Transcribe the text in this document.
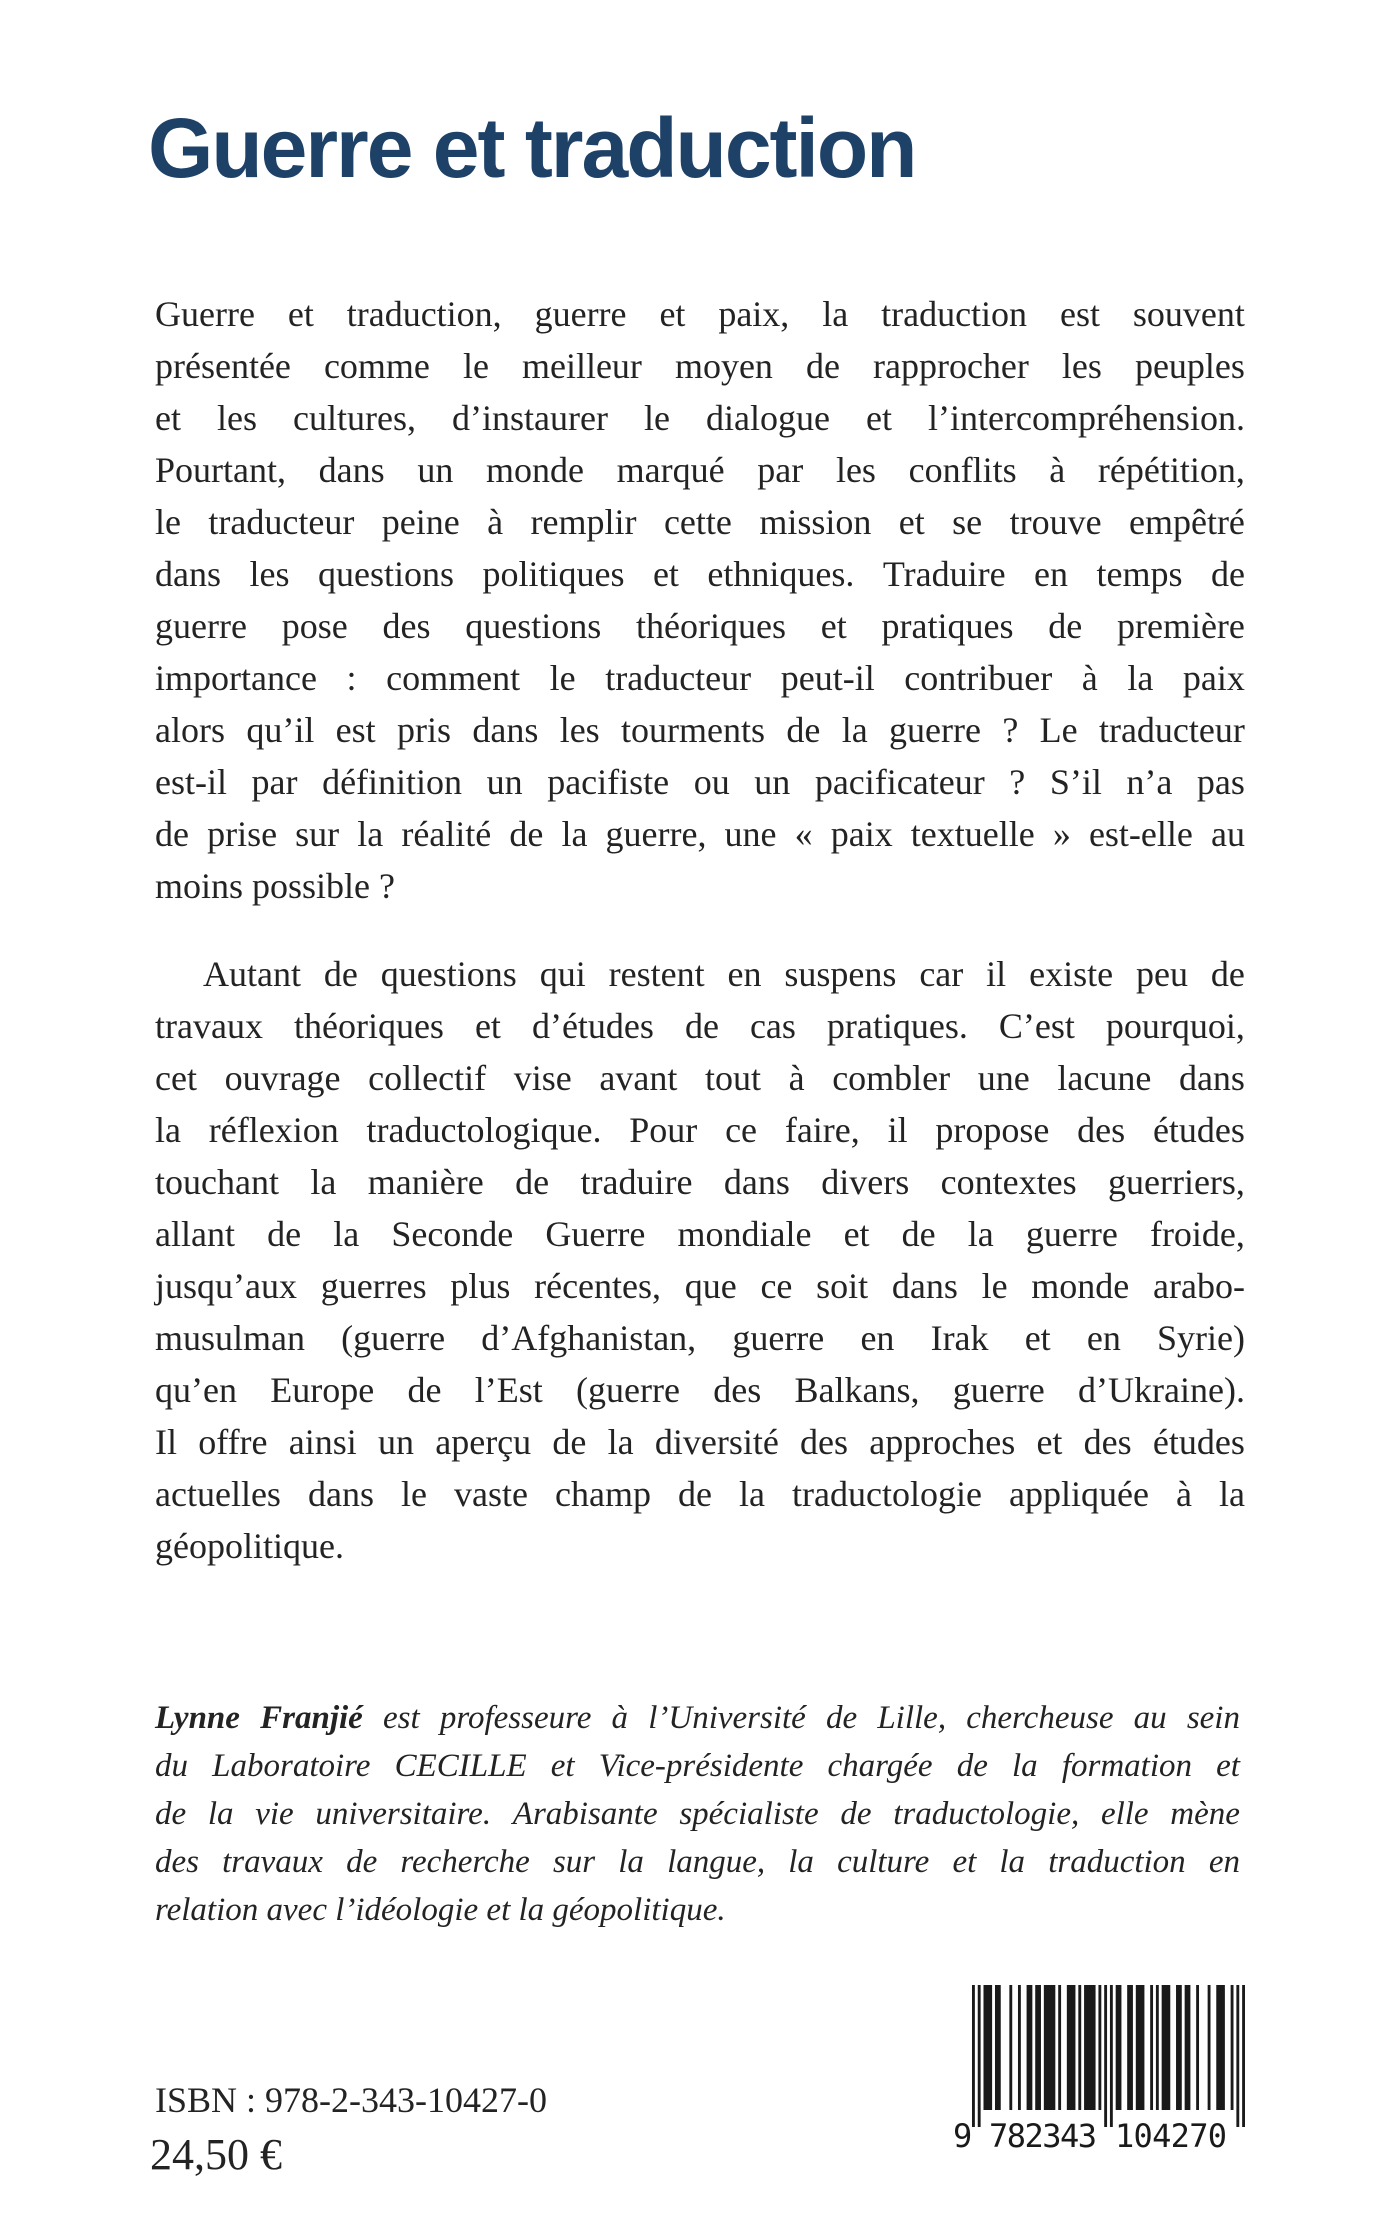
Guerre et traduction
Guerre et traduction, guerre et paix, la traduction est souvent
présentée comme le meilleur moyen de rapprocher les peuples
et les cultures, d’instaurer le dialogue et l’intercompréhension.
Pourtant, dans un monde marqué par les conflits à répétition,
le traducteur peine à remplir cette mission et se trouve empêtré
dans les questions politiques et ethniques. Traduire en temps de
guerre pose des questions théoriques et pratiques de première
importance : comment le traducteur peut-il contribuer à la paix
alors qu’il est pris dans les tourments de la guerre ? Le traducteur
est-il par définition un pacifiste ou un pacificateur ? S’il n’a pas
de prise sur la réalité de la guerre, une « paix textuelle » est-elle au
moins possible ?
Autant de questions qui restent en suspens car il existe peu de
travaux théoriques et d’études de cas pratiques. C’est pourquoi,
cet ouvrage collectif vise avant tout à combler une lacune dans
la réflexion traductologique. Pour ce faire, il propose des études
touchant la manière de traduire dans divers contextes guerriers,
allant de la Seconde Guerre mondiale et de la guerre froide,
jusqu’aux guerres plus récentes, que ce soit dans le monde arabo-
musulman (guerre d’Afghanistan, guerre en Irak et en Syrie)
qu’en Europe de l’Est (guerre des Balkans, guerre d’Ukraine).
Il offre ainsi un aperçu de la diversité des approches et des études
actuelles dans le vaste champ de la traductologie appliquée à la
géopolitique.
Lynne Franjié est professeure à l’Université de Lille, chercheuse au sein
du Laboratoire CECILLE et Vice-présidente chargée de la formation et
de la vie universitaire. Arabisante spécialiste de traductologie, elle mène
des travaux de recherche sur la langue, la culture et la traduction en
relation avec l’idéologie et la géopolitique.
ISBN : 978-2-343-10427-0
24,50 €	9 782343 104270
